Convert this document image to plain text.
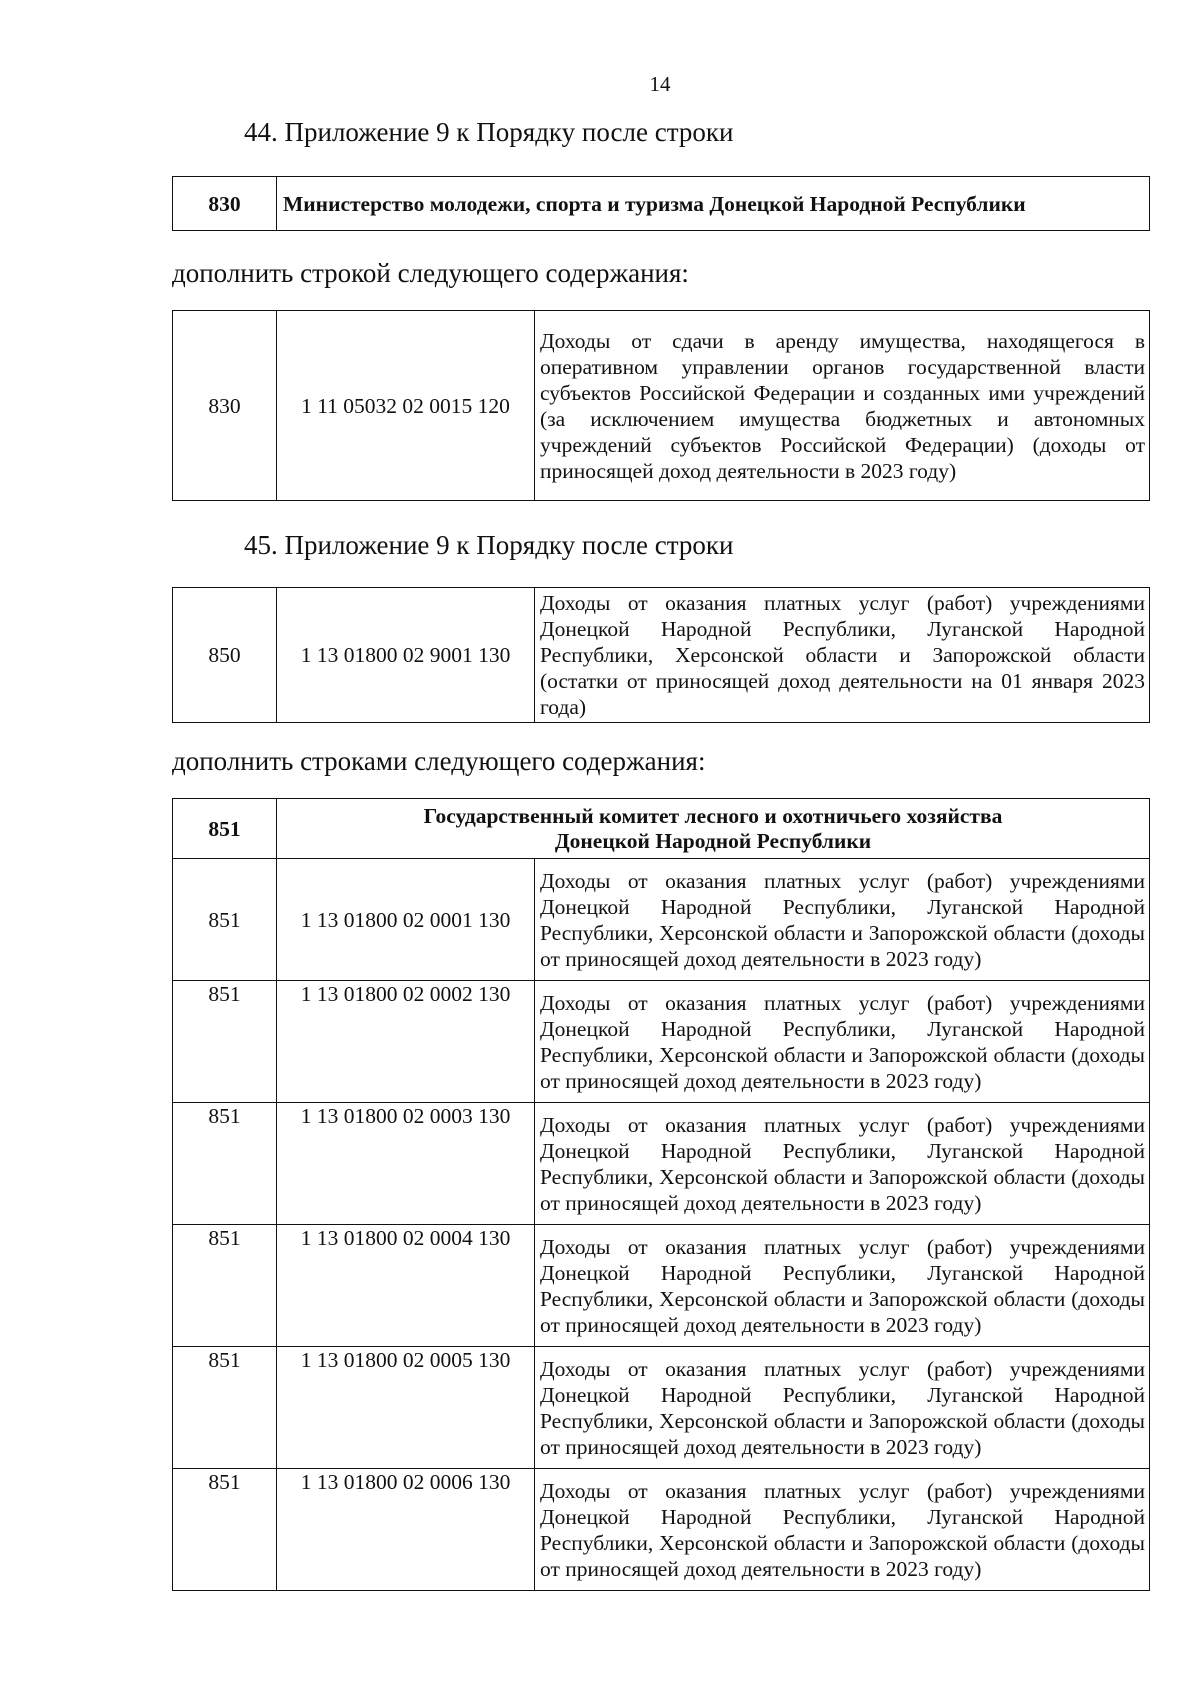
14
44. Приложение 9 к Порядку после строки
830	Министерство молодежи, спорта и туризма Донецкой Народной Республики
дополнить строкой следующего содержания:
830	1 11 05032 02 0015 120	Доходы от сдачи в аренду имущества, находящегося в оперативном управлении органов государственной власти субъектов Российской Федерации и созданных ими учреждений (за исключением имущества бюджетных и автономных учреждений субъектов Российской Федерации) (доходы от приносящей доход деятельности в 2023 году)
45. Приложение 9 к Порядку после строки
850	1 13 01800 02 9001 130	Доходы от оказания платных услуг (работ) учреждениями Донецкой Народной Республики, Луганской Народной Республики, Херсонской области и Запорожской области (остатки от приносящей доход деятельности на 01 января 2023 года)
дополнить строками следующего содержания:
851	Государственный комитет лесного и охотничьего хозяйства
Донецкой Народной Республики	

851	1 13 01800 02 0001 130	Доходы от оказания платных услуг (работ) учреждениями Донецкой Народной Республики, Луганской Народной Республики, Херсонской области и Запорожской области (доходы от приносящей доход деятельности в 2023 году)
851	1 13 01800 02 0002 130	Доходы от оказания платных услуг (работ) учреждениями Донецкой Народной Республики, Луганской Народной Республики, Херсонской области и Запорожской области (доходы от приносящей доход деятельности в 2023 году)
851	1 13 01800 02 0003 130	Доходы от оказания платных услуг (работ) учреждениями Донецкой Народной Республики, Луганской Народной Республики, Херсонской области и Запорожской области (доходы от приносящей доход деятельности в 2023 году)
851	1 13 01800 02 0004 130	Доходы от оказания платных услуг (работ) учреждениями Донецкой Народной Республики, Луганской Народной Республики, Херсонской области и Запорожской области (доходы от приносящей доход деятельности в 2023 году)
851	1 13 01800 02 0005 130	Доходы от оказания платных услуг (работ) учреждениями Донецкой Народной Республики, Луганской Народной Республики, Херсонской области и Запорожской области (доходы от приносящей доход деятельности в 2023 году)
851	1 13 01800 02 0006 130	Доходы от оказания платных услуг (работ) учреждениями Донецкой Народной Республики, Луганской Народной Республики, Херсонской области и Запорожской области (доходы от приносящей доход деятельности в 2023 году)
